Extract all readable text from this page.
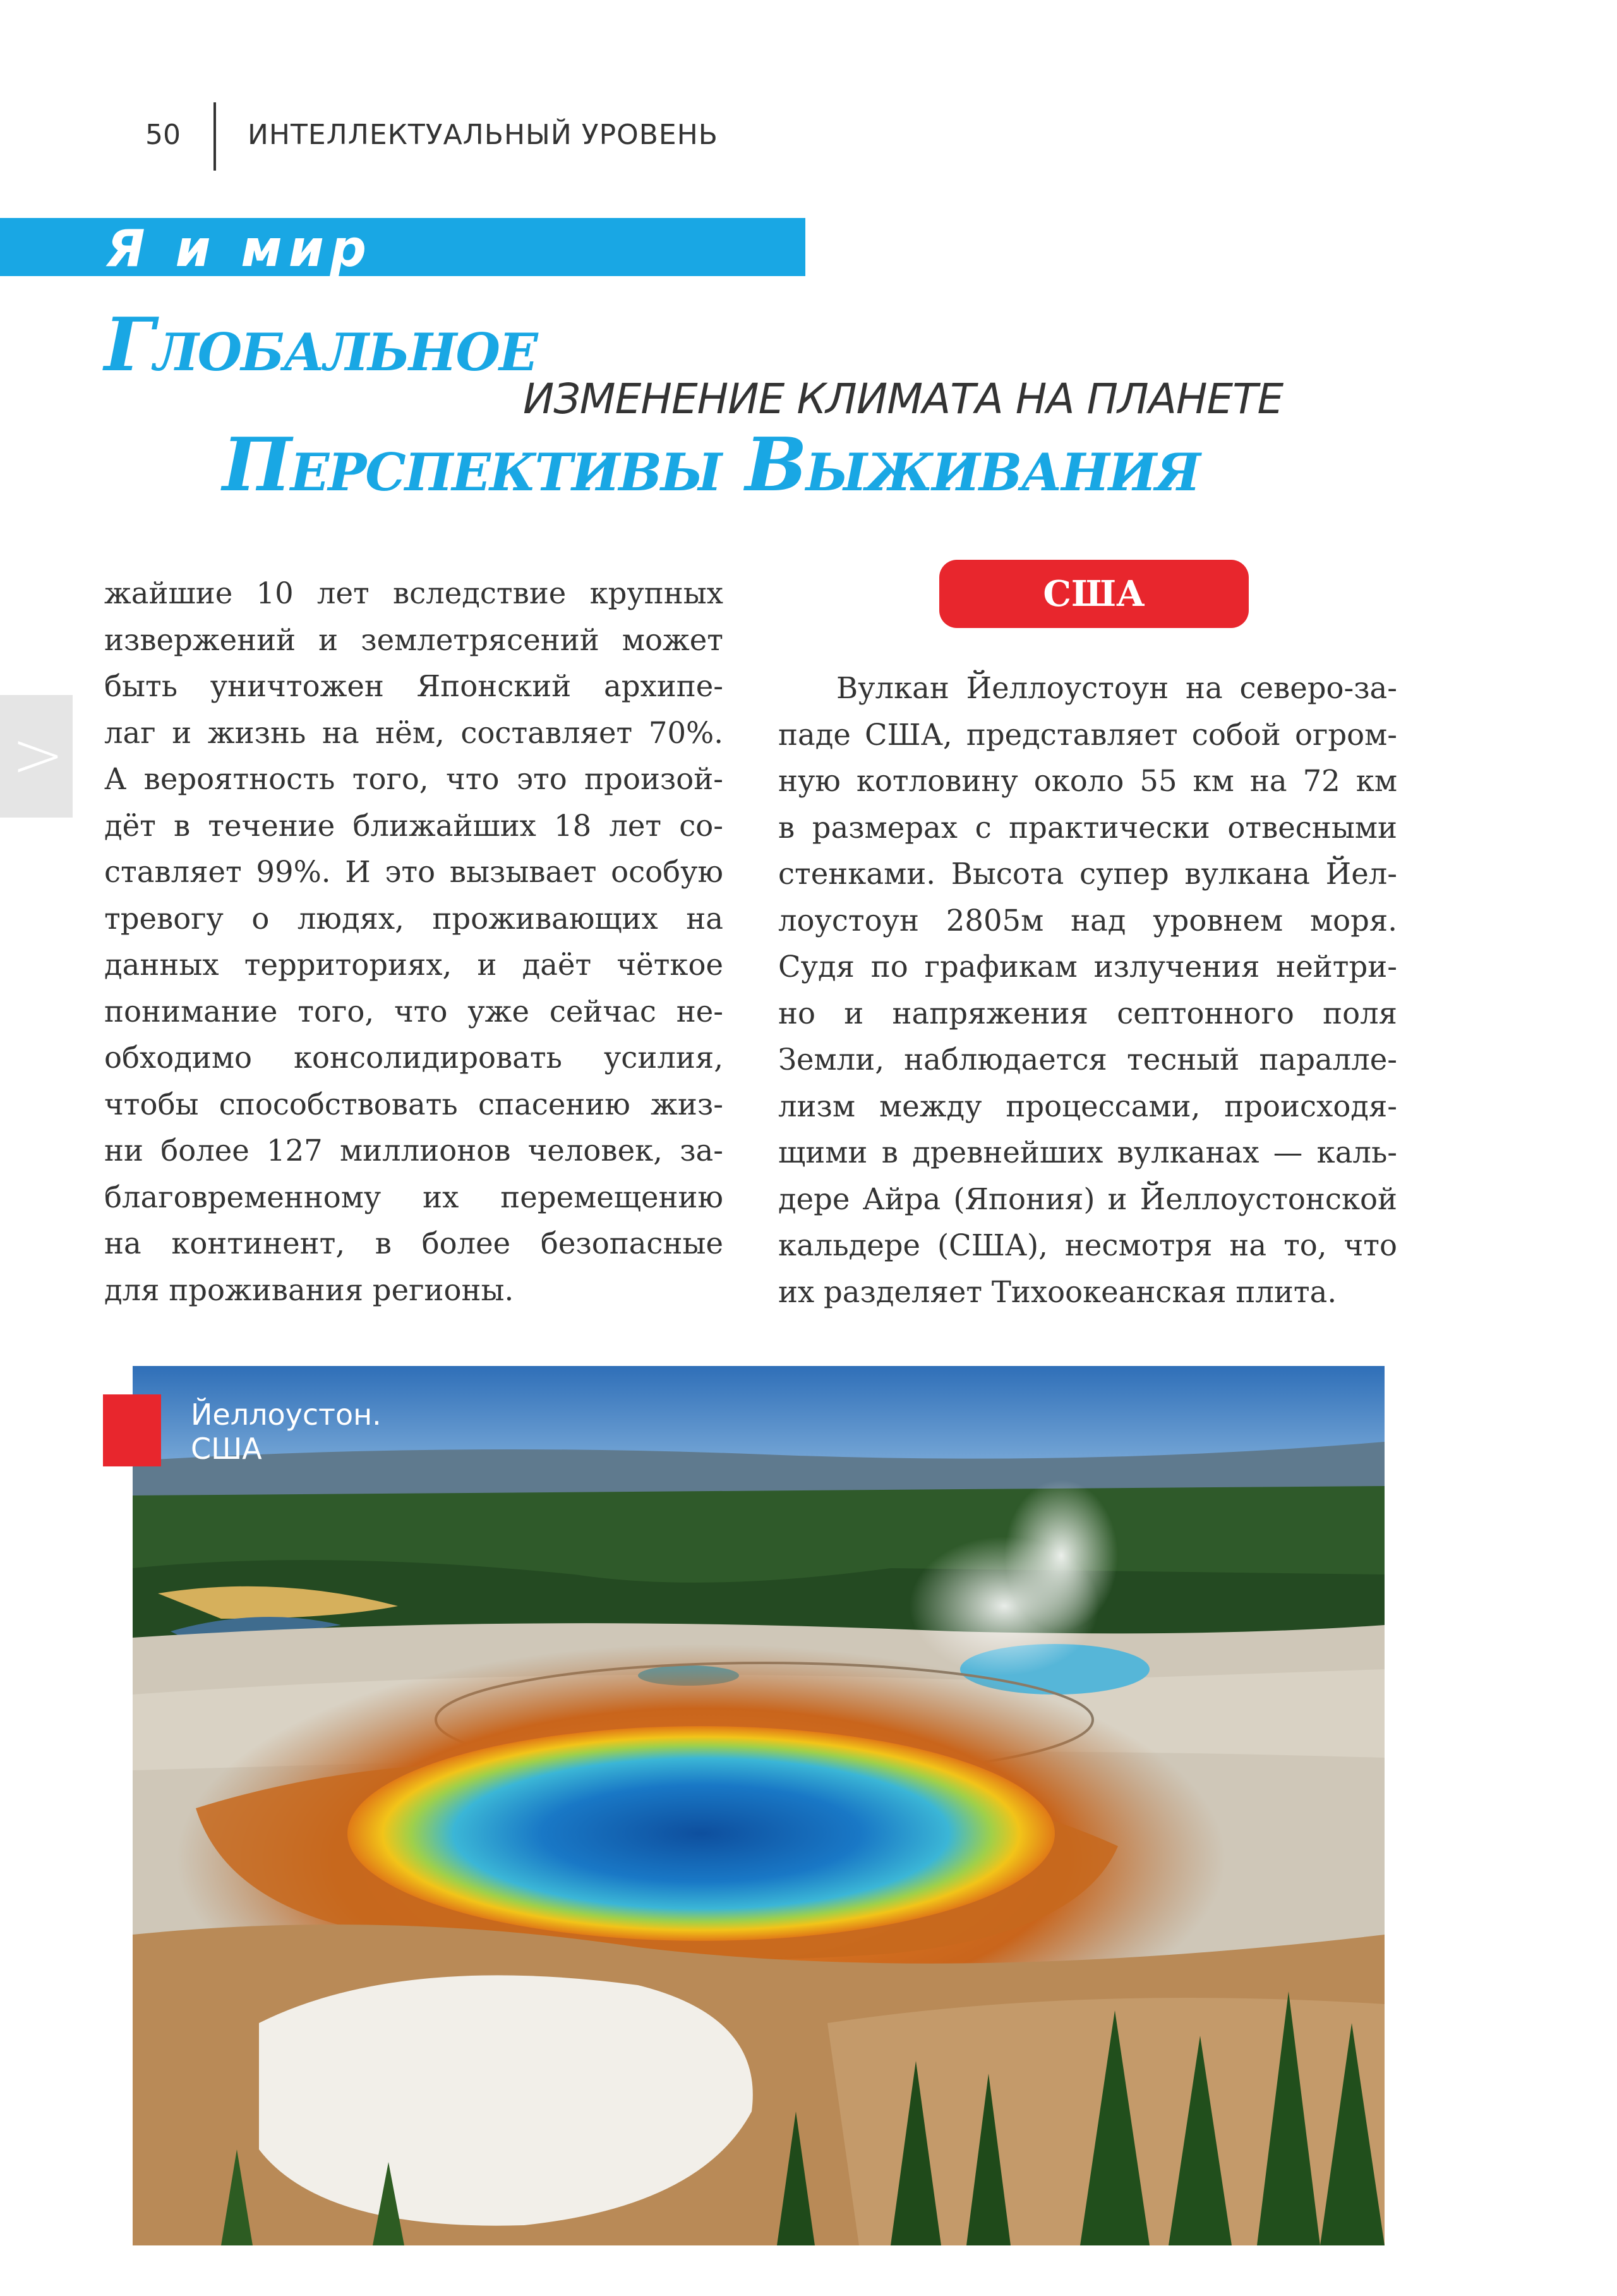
50 ИНТЕЛЛЕКТУАЛЬНЫЙ УРОВЕНЬ
Я и мир
Глобальное
ИЗМЕНЕНИЕ КЛИМАТА НА ПЛАНЕТЕ
Перспективы Выживания
>
жайшие 10 лет вследствие крупных
извержений и землетрясений может
быть уничтожен Японский архипе-
лаг и жизнь на нём, составляет 70%.
А вероятность того, что это произой-
дёт в течение ближайших 18 лет со-
ставляет 99%. И это вызывает особую
тревогу о людях, проживающих на
данных территориях, и даёт чёткое
понимание того, что уже сейчас не-
обходимо консолидировать усилия,
чтобы способствовать спасению жиз-
ни более 127 миллионов человек, за-
благовременному их перемещению
на континент, в более безопасные
для проживания регионы.
США
Вулкан Йеллоустоун на северо-за-
паде США, представляет собой огром-
ную котловину около 55 км на 72 км
в размерах с практически отвесными
стенками. Высота супер вулкана Йел-
лоустоун 2805м над уровнем моря.
Судя по графикам излучения нейтри-
но и напряжения септонного поля
Земли, наблюдается тесный паралле-
лизм между процессами, происходя-
щими в древнейших вулканах — каль-
дере Айра (Япония) и Йеллоустонской
кальдере (США), несмотря на то, что
их разделяет Тихоокеанская плита.
Йеллоустон.
США
